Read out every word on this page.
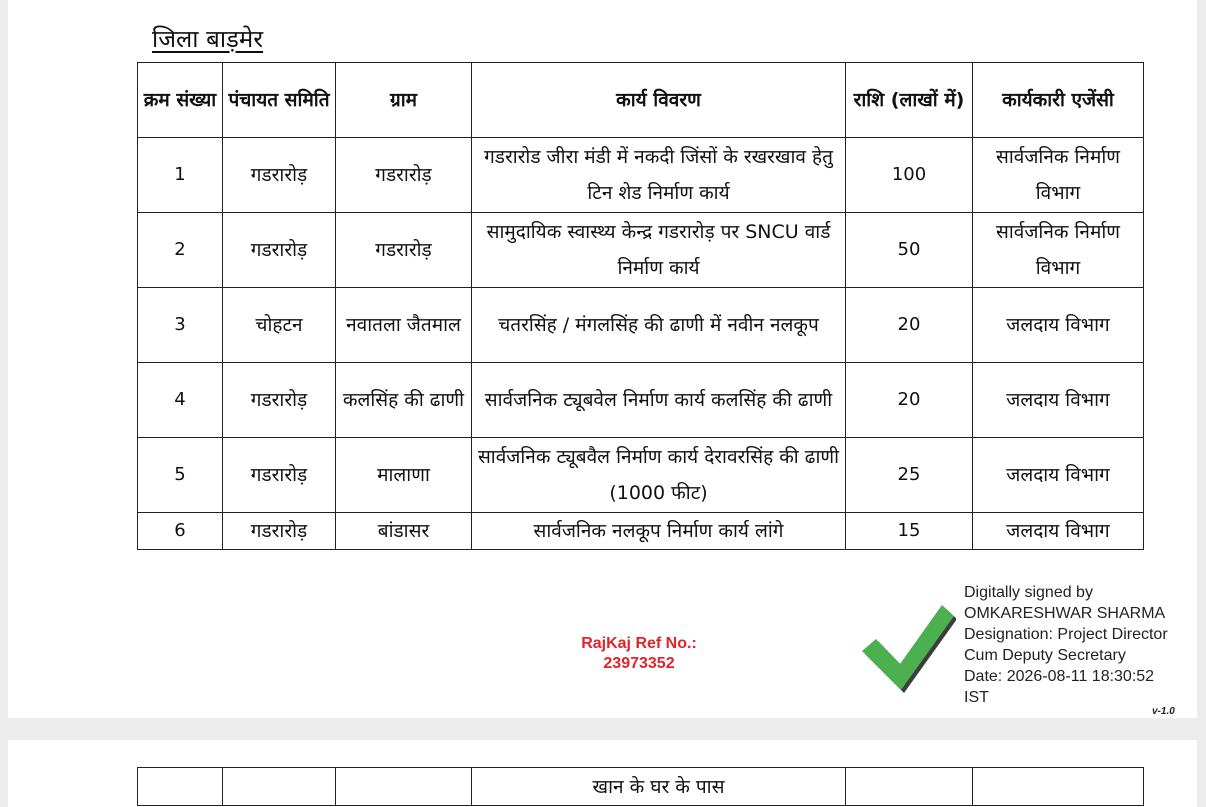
जिला बाड़मेर
क्रम संख्या	पंचायत समिति	ग्राम	कार्य विवरण	राशि (लाखों में)	कार्यकारी एजेंसी
1	गडरारोड़	गडरारोड़	गडरारोड जीरा मंडी में नकदी जिंसों के रखरखाव हेतु टिन शेड निर्माण कार्य	100	सार्वजनिक निर्माण विभाग
2	गडरारोड़	गडरारोड़	सामुदायिक स्वास्थ्य केन्द्र गडरारोड़ पर SNCU वार्ड निर्माण कार्य	50	सार्वजनिक निर्माण विभाग
3	चोहटन	नवातला जैतमाल	चतरसिंह / मंगलसिंह की ढाणी में नवीन नलकूप	20	जलदाय विभाग
4	गडरारोड़	कलसिंह की ढाणी	सार्वजनिक ट्यूबवेल निर्माण कार्य कलसिंह की ढाणी	20	जलदाय विभाग
5	गडरारोड़	मालाणा	सार्वजनिक ट्यूबवैल निर्माण कार्य देरावरसिंह की ढाणी (1000 फीट)	25	जलदाय विभाग
6	गडरारोड़	बांडासर	सार्वजनिक नलकूप निर्माण कार्य लांगे	15	जलदाय विभाग
RajKaj Ref No.:
23973352
Digitally signed by
OMKARESHWAR SHARMA
Designation: Project Director
Cum Deputy Secretary
Date: 2026-08-11 18:30:52
IST
v-1.0
			खान के घर के पास		
